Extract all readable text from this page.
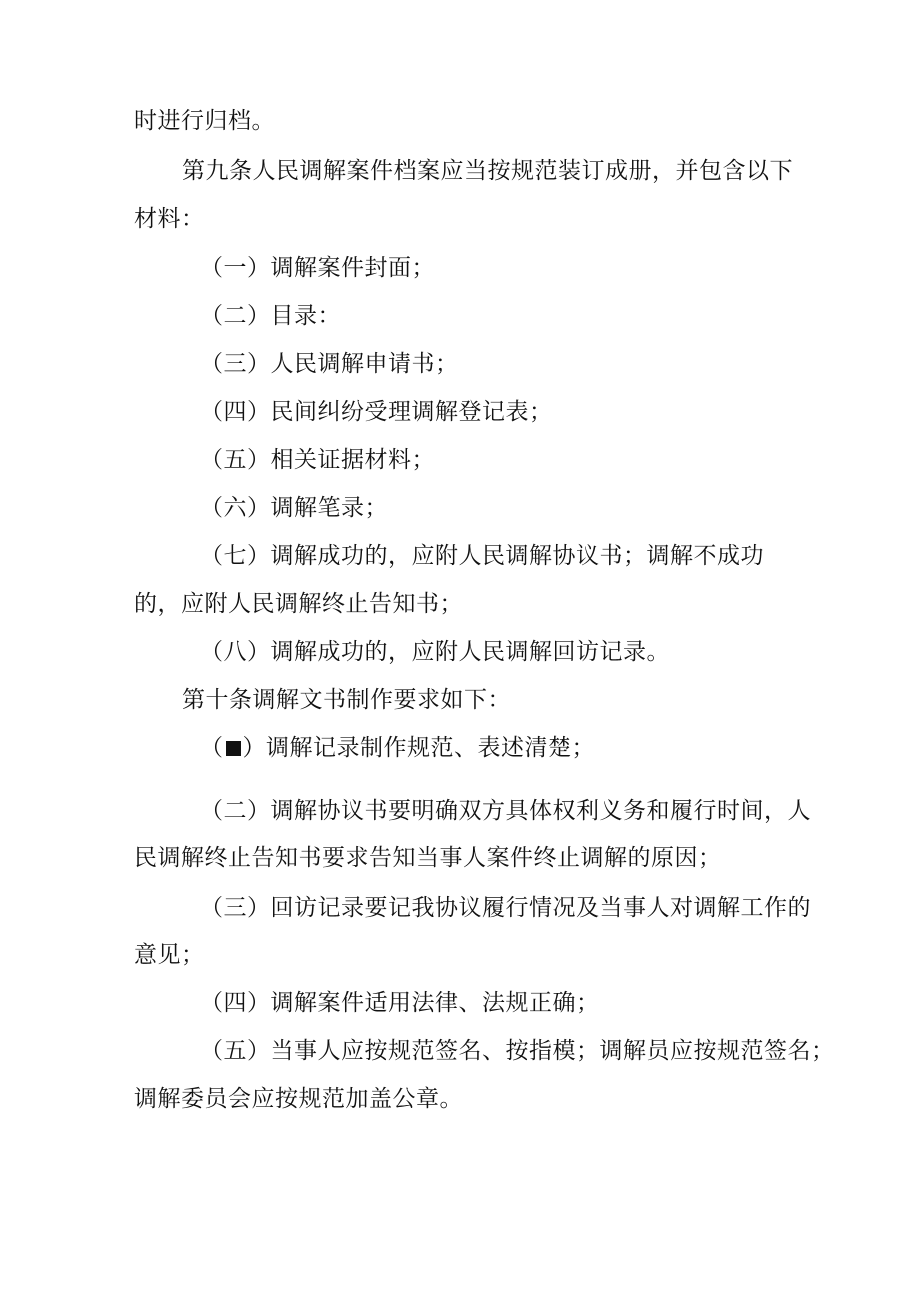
时进行归档。
第九条人民调解案件档案应当按规范装订成册，并包含以下
材料：
（一）调解案件封面；
（二）目录：
（三）人民调解申请书；
（四）民间纠纷受理调解登记表；
（五）相关证据材料；
（六）调解笔录；
（七）调解成功的，应附人民调解协议书；调解不成功
的，应附人民调解终止告知书；
（八）调解成功的，应附人民调解回访记录。
第十条调解文书制作要求如下：
（ ）调解记录制作规范、表述清楚；
（二）调解协议书要明确双方具体权利义务和履行时间，人
民调解终止告知书要求告知当事人案件终止调解的原因；
（三）回访记录要记我协议履行情况及当事人对调解工作的
意见；
（四）调解案件适用法律、法规正确；
（五）当事人应按规范签名、按指模；调解员应按规范签名；
调解委员会应按规范加盖公章。
